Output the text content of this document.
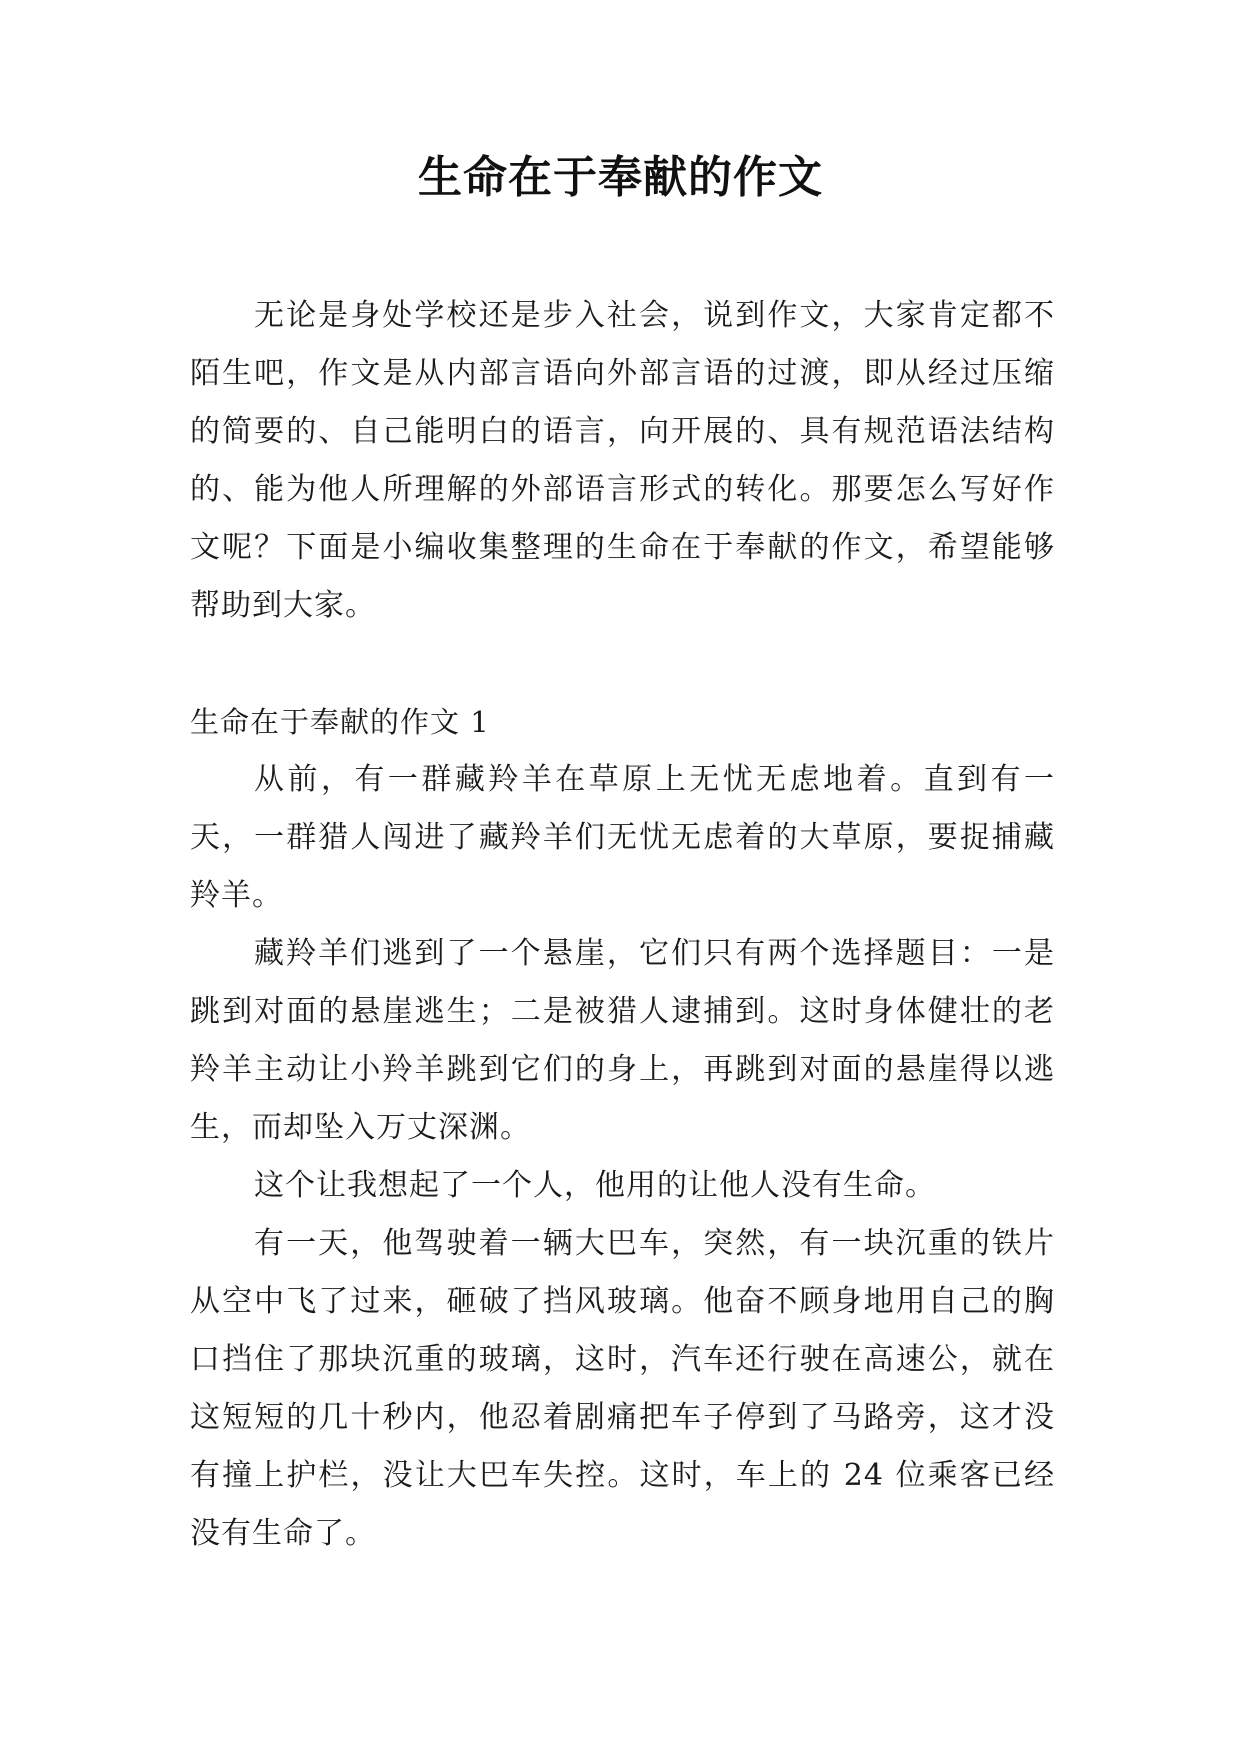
生命在于奉献的作文

无论是身处学校还是步入社会，说到作文，大家肯定都不陌生吧，作文是从内部言语向外部言语的过渡，即从经过压缩的简要的、自己能明白的语言，向开展的、具有规范语法结构的、能为他人所理解的外部语言形式的转化。那要怎么写好作文呢？下面是小编收集整理的生命在于奉献的作文，希望能够帮助到大家。

生命在于奉献的作文 1

从前，有一群藏羚羊在草原上无忧无虑地着。直到有一天，一群猎人闯进了藏羚羊们无忧无虑着的大草原，要捉捕藏羚羊。

藏羚羊们逃到了一个悬崖，它们只有两个选择题目：一是跳到对面的悬崖逃生；二是被猎人逮捕到。这时身体健壮的老羚羊主动让小羚羊跳到它们的身上，再跳到对面的悬崖得以逃生，而却坠入万丈深渊。

这个让我想起了一个人，他用的让他人没有生命。

有一天，他驾驶着一辆大巴车，突然，有一块沉重的铁片从空中飞了过来，砸破了挡风玻璃。他奋不顾身地用自己的胸口挡住了那块沉重的玻璃，这时，汽车还行驶在高速公，就在这短短的几十秒内，他忍着剧痛把车子停到了马路旁，这才没有撞上护栏，没让大巴车失控。这时，车上的 24 位乘客已经没有生命了。
